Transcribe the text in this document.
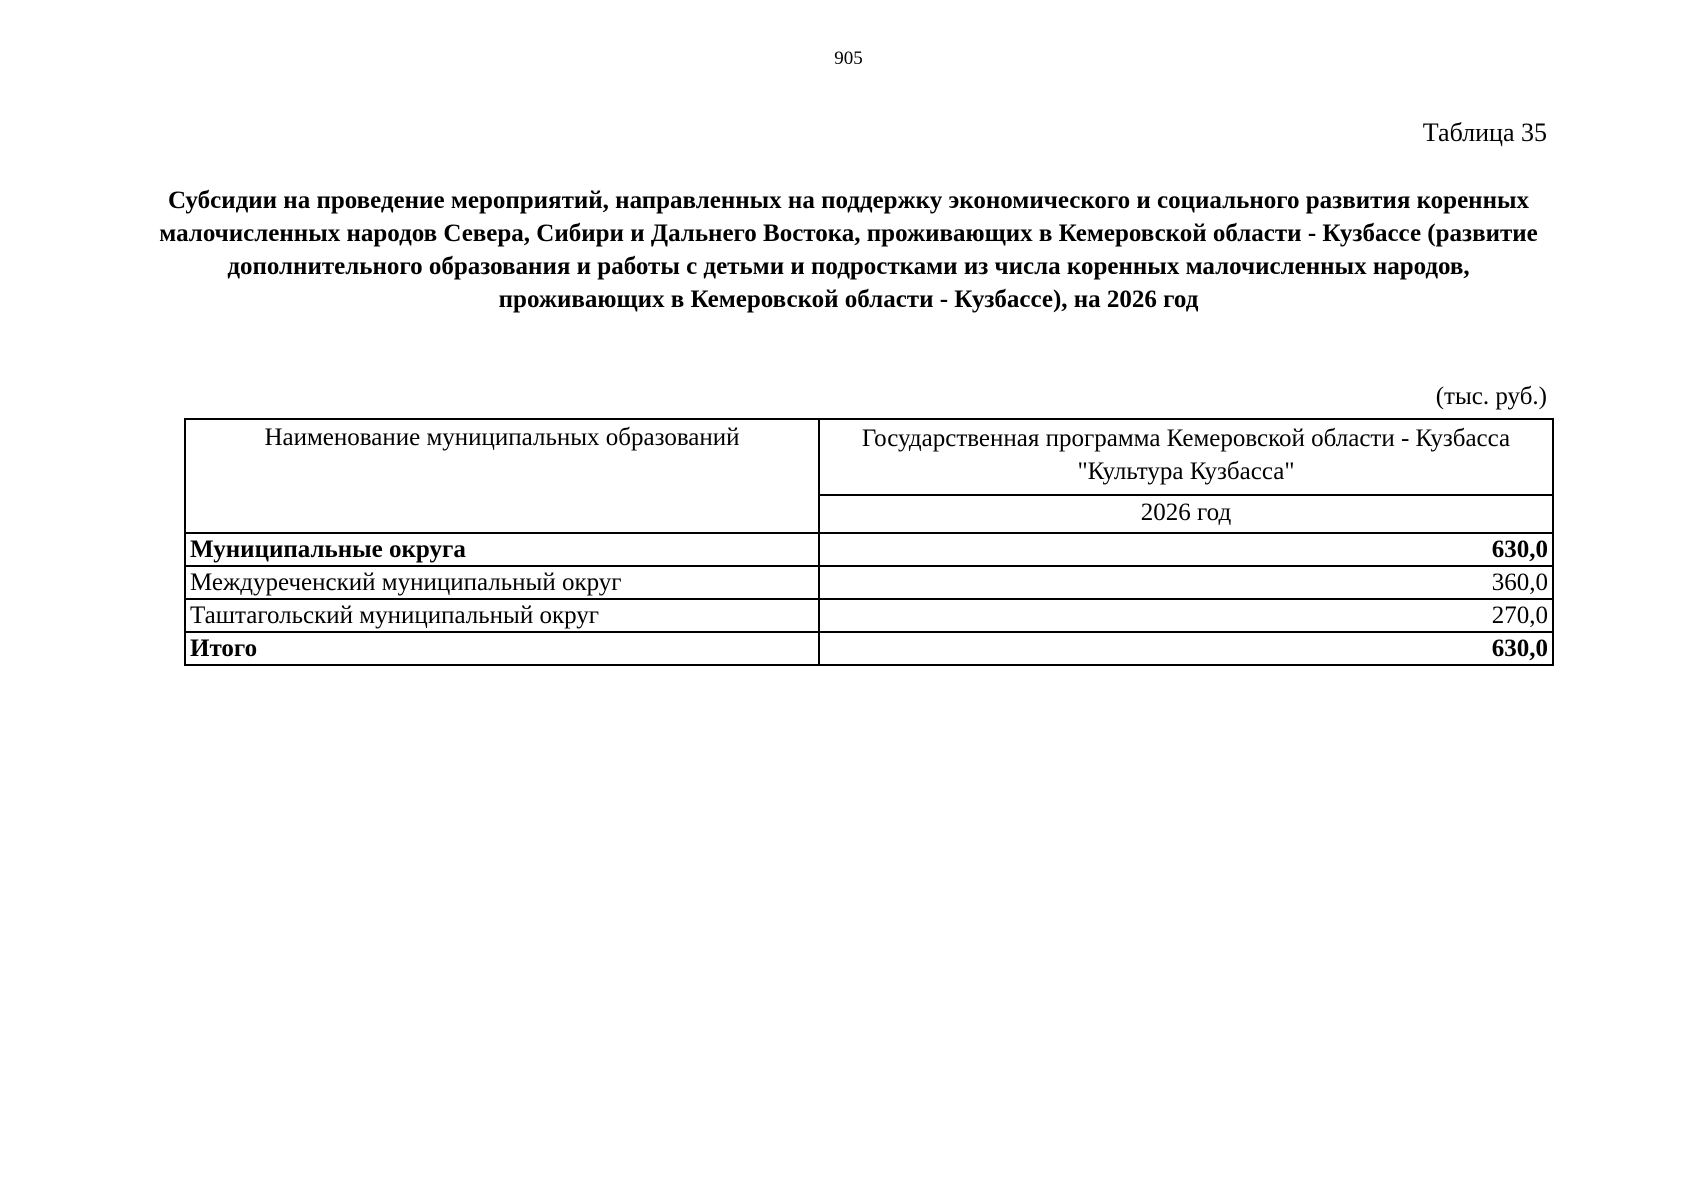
905
Таблица 35
Субсидии на проведение мероприятий, направленных на поддержку экономического и социального развития коренных малочисленных народов Севера, Сибири и Дальнего Востока, проживающих в Кемеровской области - Кузбассе (развитие дополнительного образования и работы с детьми и подростками из числа коренных малочисленных народов, проживающих в Кемеровской области - Кузбассе), на 2026 год
(тыс. руб.)
Наименование муниципальных образований	Государственная программа Кемеровской области - Кузбасса "Культура Кузбасса"
	2026 год
Муниципальные округа	630,0
Междуреченский муниципальный округ	360,0
Таштагольский муниципальный округ	270,0
Итого	630,0
